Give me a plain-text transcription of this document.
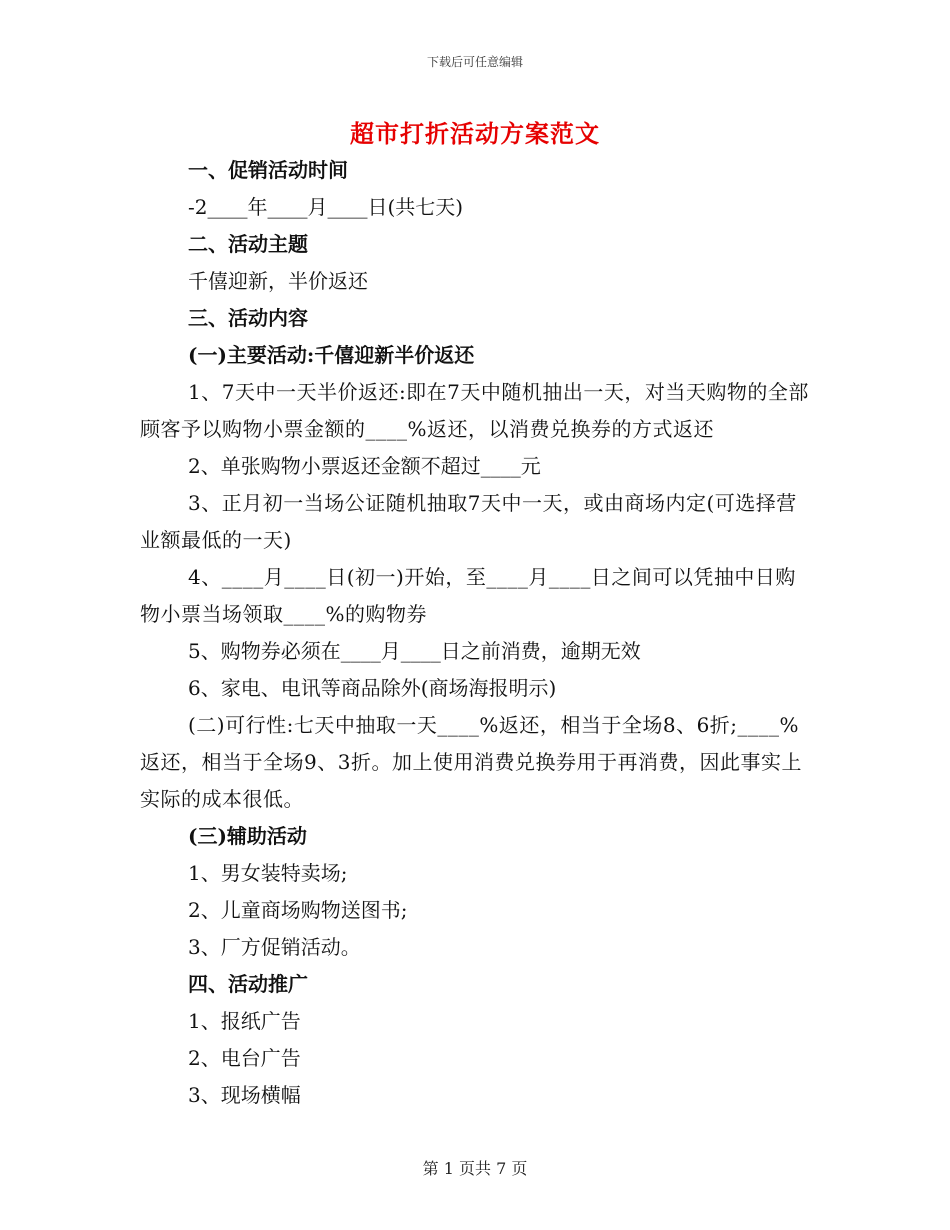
下载后可任意编辑
超市打折活动方案范文
一、促销活动时间
-2____年____月____日(共七天)
二、活动主题
千僖迎新，半价返还
三、活动内容
(一)主要活动:千僖迎新半价返还
1、7天中一天半价返还:即在7天中随机抽出一天，对当天购物的全部顾客予以购物小票金额的____%返还，以消费兑换券的方式返还
2、单张购物小票返还金额不超过____元
3、正月初一当场公证随机抽取7天中一天，或由商场内定(可选择营业额最低的一天)
4、____月____日(初一)开始，至____月____日之间可以凭抽中日购物小票当场领取____%的购物券
5、购物券必须在____月____日之前消费，逾期无效
6、家电、电讯等商品除外(商场海报明示)
(二)可行性:七天中抽取一天____%返还，相当于全场8、6折;____%返还，相当于全场9、3折。加上使用消费兑换券用于再消费，因此事实上实际的成本很低。
(三)辅助活动
1、男女装特卖场;
2、儿童商场购物送图书;
3、厂方促销活动。
四、活动推广
1、报纸广告
2、电台广告
3、现场横幅
第 1 页共 7 页
